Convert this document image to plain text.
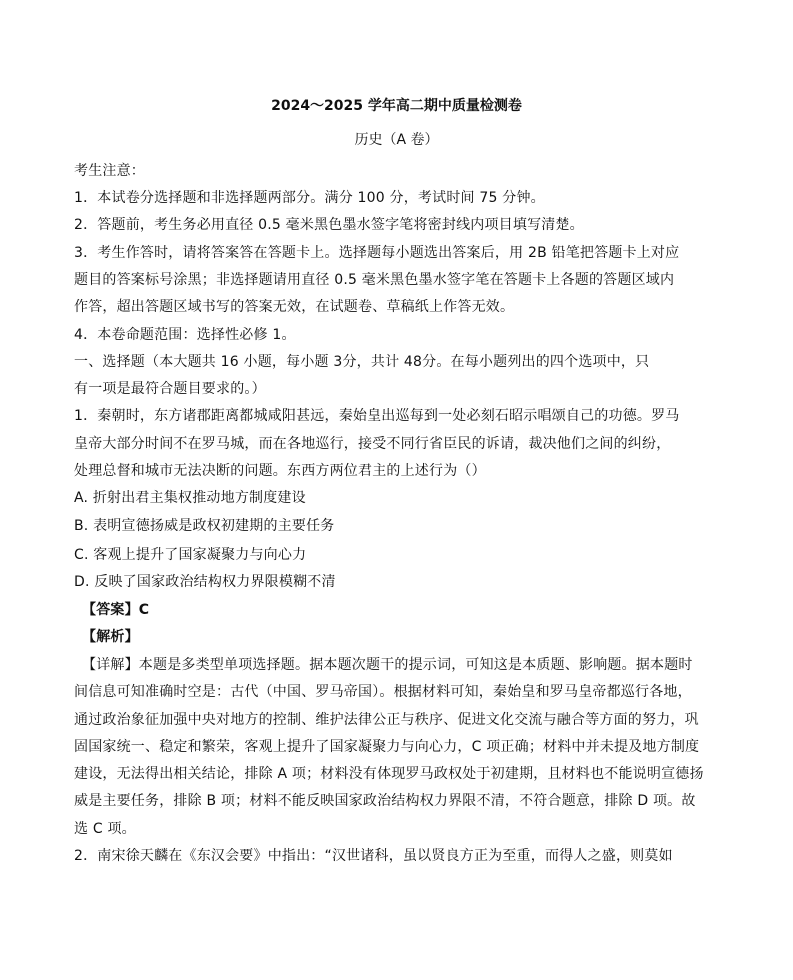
2024～2025 学年高二期中质量检测卷
历史（A 卷）
考生注意：
1．本试卷分选择题和非选择题两部分。满分 100 分，考试时间 75 分钟。
2．答题前，考生务必用直径 0.5 毫米黑色墨水签字笔将密封线内项目填写清楚。
3．考生作答时，请将答案答在答题卡上。选择题每小题选出答案后，用 2B 铅笔把答题卡上对应
题目的答案标号涂黑；非选择题请用直径 0.5 毫米黑色墨水签字笔在答题卡上各题的答题区域内
作答，超出答题区域书写的答案无效，在试题卷、草稿纸上作答无效。
4．本卷命题范围：选择性必修 1。
一、选择题（本大题共 16 小题，每小题 3分，共计 48分。在每小题列出的四个选项中，只
有一项是最符合题目要求的。）
1．秦朝时，东方诸郡距离都城咸阳甚远，秦始皇出巡每到一处必刻石昭示唱颂自己的功德。罗马
皇帝大部分时间不在罗马城，而在各地巡行，接受不同行省臣民的诉请，裁决他们之间的纠纷，
处理总督和城市无法决断的问题。东西方两位君主的上述行为（）
A. 折射出君主集权推动地方制度建设
B. 表明宣德扬威是政权初建期的主要任务
C. 客观上提升了国家凝聚力与向心力
D. 反映了国家政治结构权力界限模糊不清
【答案】C
【解析】
【详解】本题是多类型单项选择题。据本题次题干的提示词，可知这是本质题、影响题。据本题时
间信息可知准确时空是：古代（中国、罗马帝国）。根据材料可知，秦始皇和罗马皇帝都巡行各地，
通过政治象征加强中央对地方的控制、维护法律公正与秩序、促进文化交流与融合等方面的努力，巩
固国家统一、稳定和繁荣，客观上提升了国家凝聚力与向心力，C 项正确；材料中并未提及地方制度
建设，无法得出相关结论，排除 A 项；材料没有体现罗马政权处于初建期，且材料也不能说明宣德扬
威是主要任务，排除 B 项；材料不能反映国家政治结构权力界限不清，不符合题意，排除 D 项。故
选 C 项。
2．南宋徐天麟在《东汉会要》中指出：“汉世诸科，虽以贤良方正为至重，而得人之盛，则莫如
